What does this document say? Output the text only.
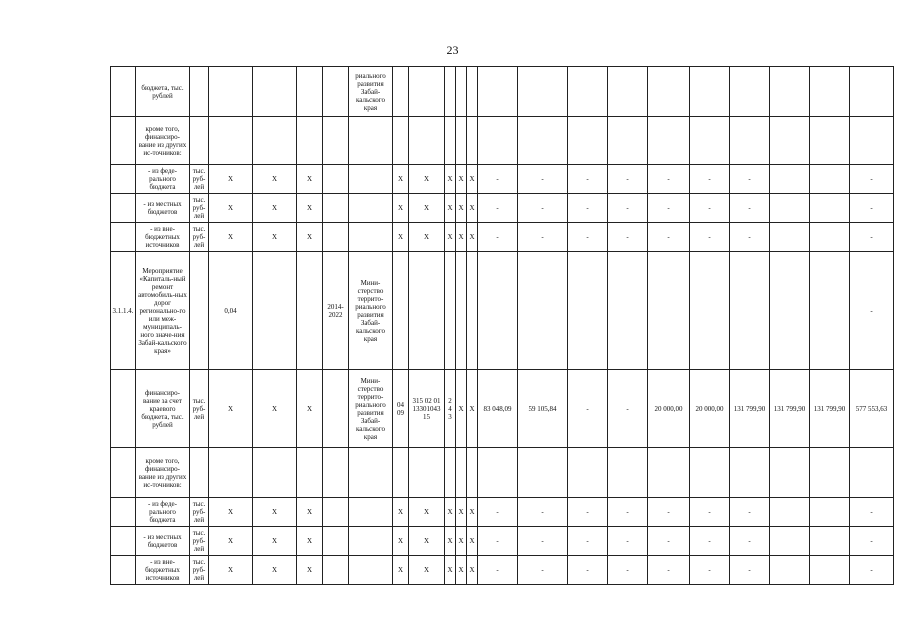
23
	бюджета, тыс. рублей						риального развития Забай-кальского края															
	кроме того, финансиро-вание из других ис-точников:																					
	- из феде-рального бюджета	тыс. руб-лей	X	X	X			X	X	X	X	X	-	-	-	-	-	-	-			-
	- из местных бюджетов	тыс. руб-лей	X	X	X			X	X	X	X	X	-	-	-	-	-	-	-			-
	- из вне-бюджетных источников	тыс. руб-лей	X	X	X			X	X	X	X	X	-	-	-	-	-	-	-			-
3.1.1.4.	Мероприятие «Капиталь-ный ремонт автомобиль-ных дорог регионально-го или меж-муниципаль-ного значе-ния Забай-кальского края»		0,04			2014-2022	Мини-стерство террито-риального развития Забай-кальского края															-
	финансиро-вание за счет краевого бюджета, тыс. рублей	тыс. руб-лей	X	X	X		Мини-стерство террито-риального развития Забай-кальского края	04 09	315 02 01 13301043 15	2 4 3	X	X	83 048,09	59 105,84	-	-	20 000,00	20 000,00	131 799,90	131 799,90	131 799,90	577 553,63
	кроме того, финансиро-вание из других ис-точников:																					
	- из феде-рального бюджета	тыс. руб-лей	X	X	X			X	X	X	X	X	-	-	-	-	-	-	-			-
	- из местных бюджетов	тыс. руб-лей	X	X	X			X	X	X	X	X	-	-	-	-	-	-	-			-
	- из вне-бюджетных источников	тыс. руб-лей	X	X	X			X	X	X	X	X	-	-	-	-	-	-	-			-
